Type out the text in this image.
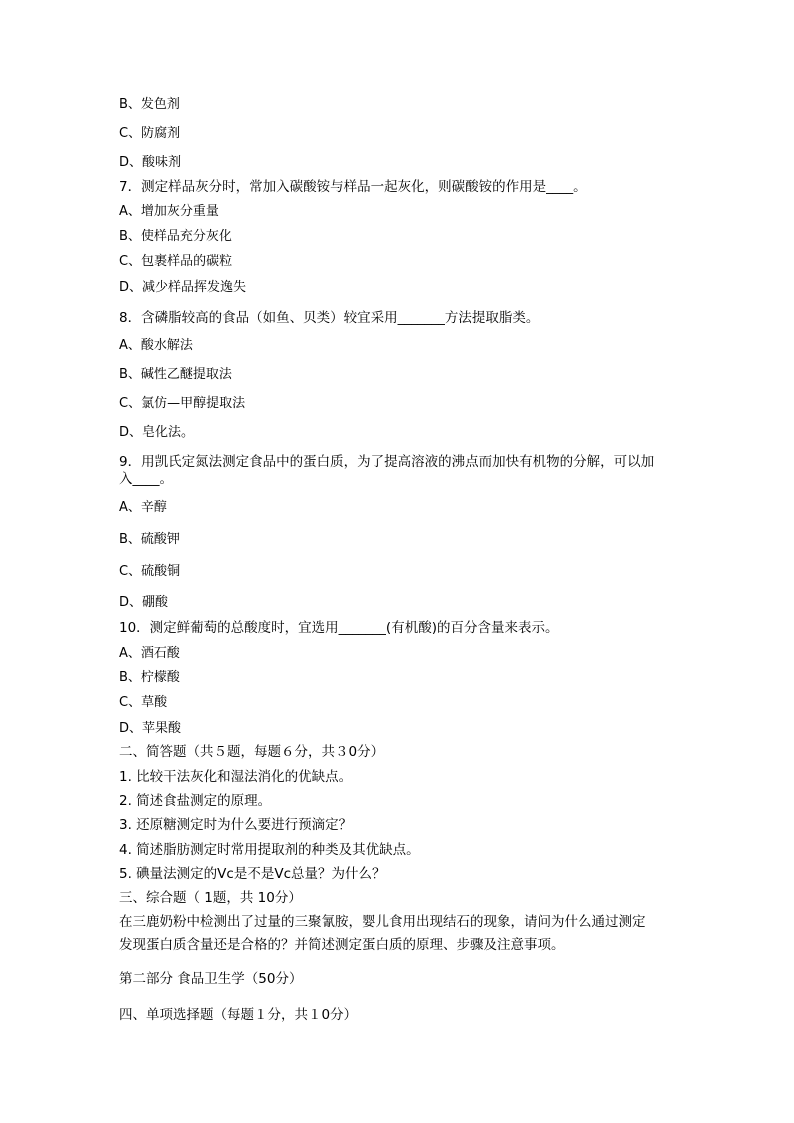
B、发色剂
C、防腐剂
D、酸味剂
7．测定样品灰分时，常加入碳酸铵与样品一起灰化，则碳酸铵的作用是____。
A、增加灰分重量
B、使样品充分灰化
C、包裹样品的碳粒
D、减少样品挥发逸失
8．含磷脂较高的食品（如鱼、贝类）较宜采用_______方法提取脂类。
A、酸水解法
B、碱性乙醚提取法
C、氯仿—甲醇提取法
D、皂化法。
9．用凯氏定氮法测定食品中的蛋白质，为了提高溶液的沸点而加快有机物的分解，可以加
入____。
A、辛醇
B、硫酸钾
C、硫酸铜
D、硼酸
10．测定鲜葡萄的总酸度时，宜选用_______(有机酸)的百分含量来表示。
A、酒石酸
B、柠檬酸
C、草酸
D、苹果酸
二、简答题（共５题，每题６分，共３0分）
1. 比较干法灰化和湿法消化的优缺点。
2. 简述食盐测定的原理。
3. 还原糖测定时为什么要进行预滴定？
4. 简述脂肪测定时常用提取剂的种类及其优缺点。
5. 碘量法测定的Vc是不是Vc总量？为什么？
三、综合题（ 1题，共 10分）
在三鹿奶粉中检测出了过量的三聚氰胺，婴儿食用出现结石的现象，请问为什么通过测定
发现蛋白质含量还是合格的？并简述测定蛋白质的原理、步骤及注意事项。
第二部分 食品卫生学（50分）
四、单项选择题（每题１分，共１0分）
